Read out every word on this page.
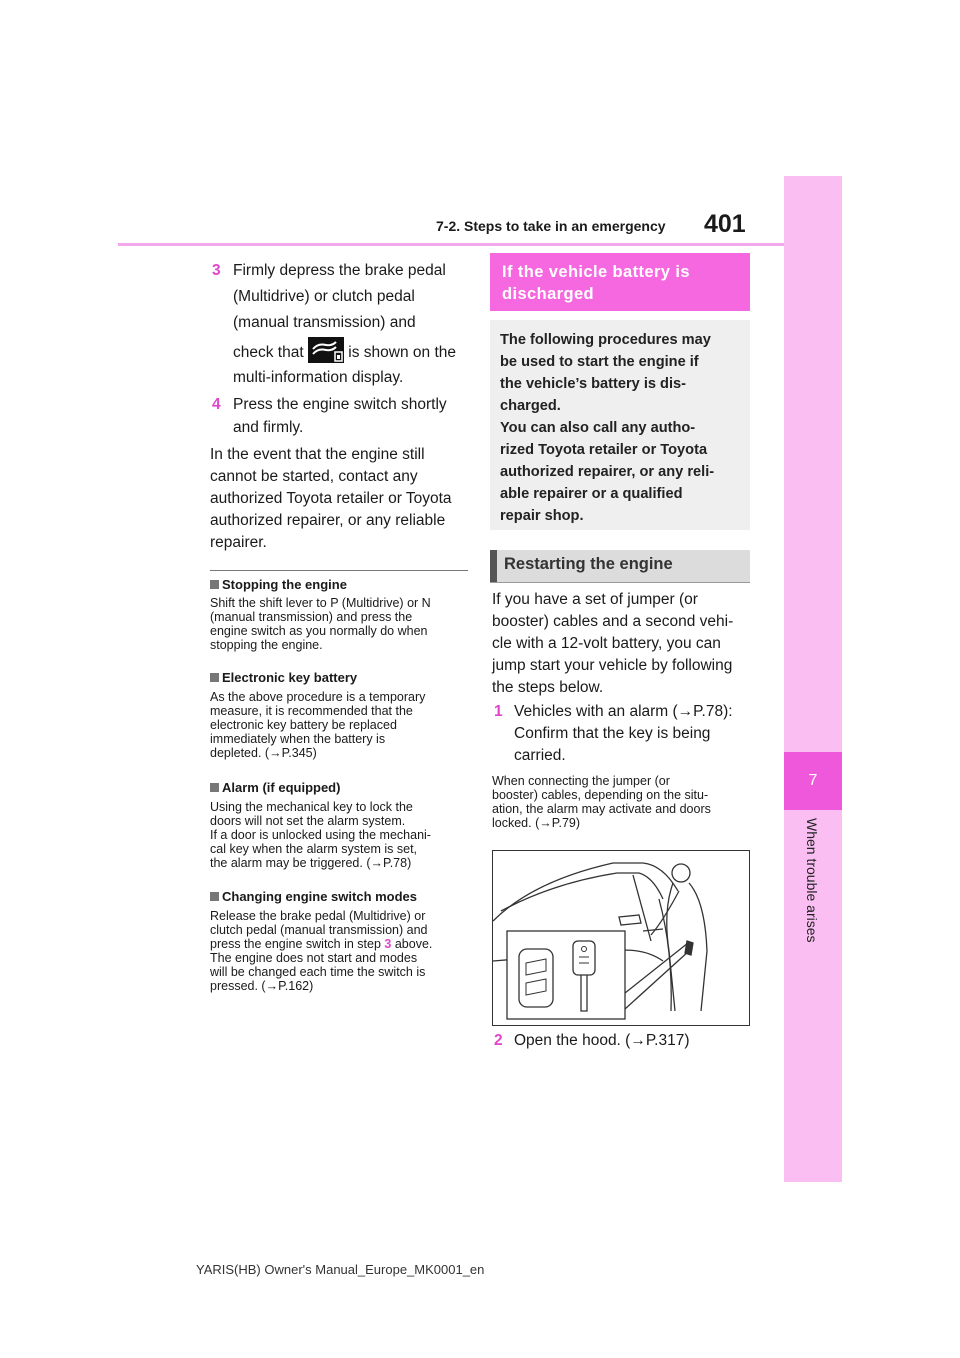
7-2. Steps to take in an emergency 401
7
When trouble arises
3 Firmly depress the brake pedal
(Multidrive) or clutch pedal
(manual transmission) and
check that	is shown on the
multi-information display.
4 Press the engine switch shortly
and firmly.
In the event that the engine still
cannot be started, contact any
authorized Toyota retailer or Toyota
authorized repairer, or any reliable
repairer.
Stopping the engine
Shift the shift lever to P (Multidrive) or N
(manual transmission) and press the
engine switch as you normally do when
stopping the engine.
Electronic key battery
As the above procedure is a temporary
measure, it is recommended that the
electronic key battery be replaced
immediately when the battery is
depleted. (→P.345)
Alarm (if equipped)
Using the mechanical key to lock the
doors will not set the alarm system.
If a door is unlocked using the mechani-
cal key when the alarm system is set,
the alarm may be triggered. (→P.78)
Changing engine switch modes
Release the brake pedal (Multidrive) or
clutch pedal (manual transmission) and
press the engine switch in step 3 above.
The engine does not start and modes
will be changed each time the switch is
pressed. (→P.162)
If the vehicle battery is
discharged
The following procedures may
be used to start the engine if
the vehicle’s battery is dis-
charged.
You can also call any autho-
rized Toyota retailer or Toyota
authorized repairer, or any reli-
able repairer or a qualified
repair shop.
Restarting the engine
If you have a set of jumper (or
booster) cables and a second vehi-
cle with a 12-volt battery, you can
jump start your vehicle by following
the steps below.
1 Vehicles with an alarm (→P.78):
Confirm that the key is being
carried.
When connecting the jumper (or
booster) cables, depending on the situ-
ation, the alarm may activate and doors
locked. (→P.79)
2 Open the hood. (→P.317)
YARIS(HB) Owner's Manual_Europe_MK0001_en
